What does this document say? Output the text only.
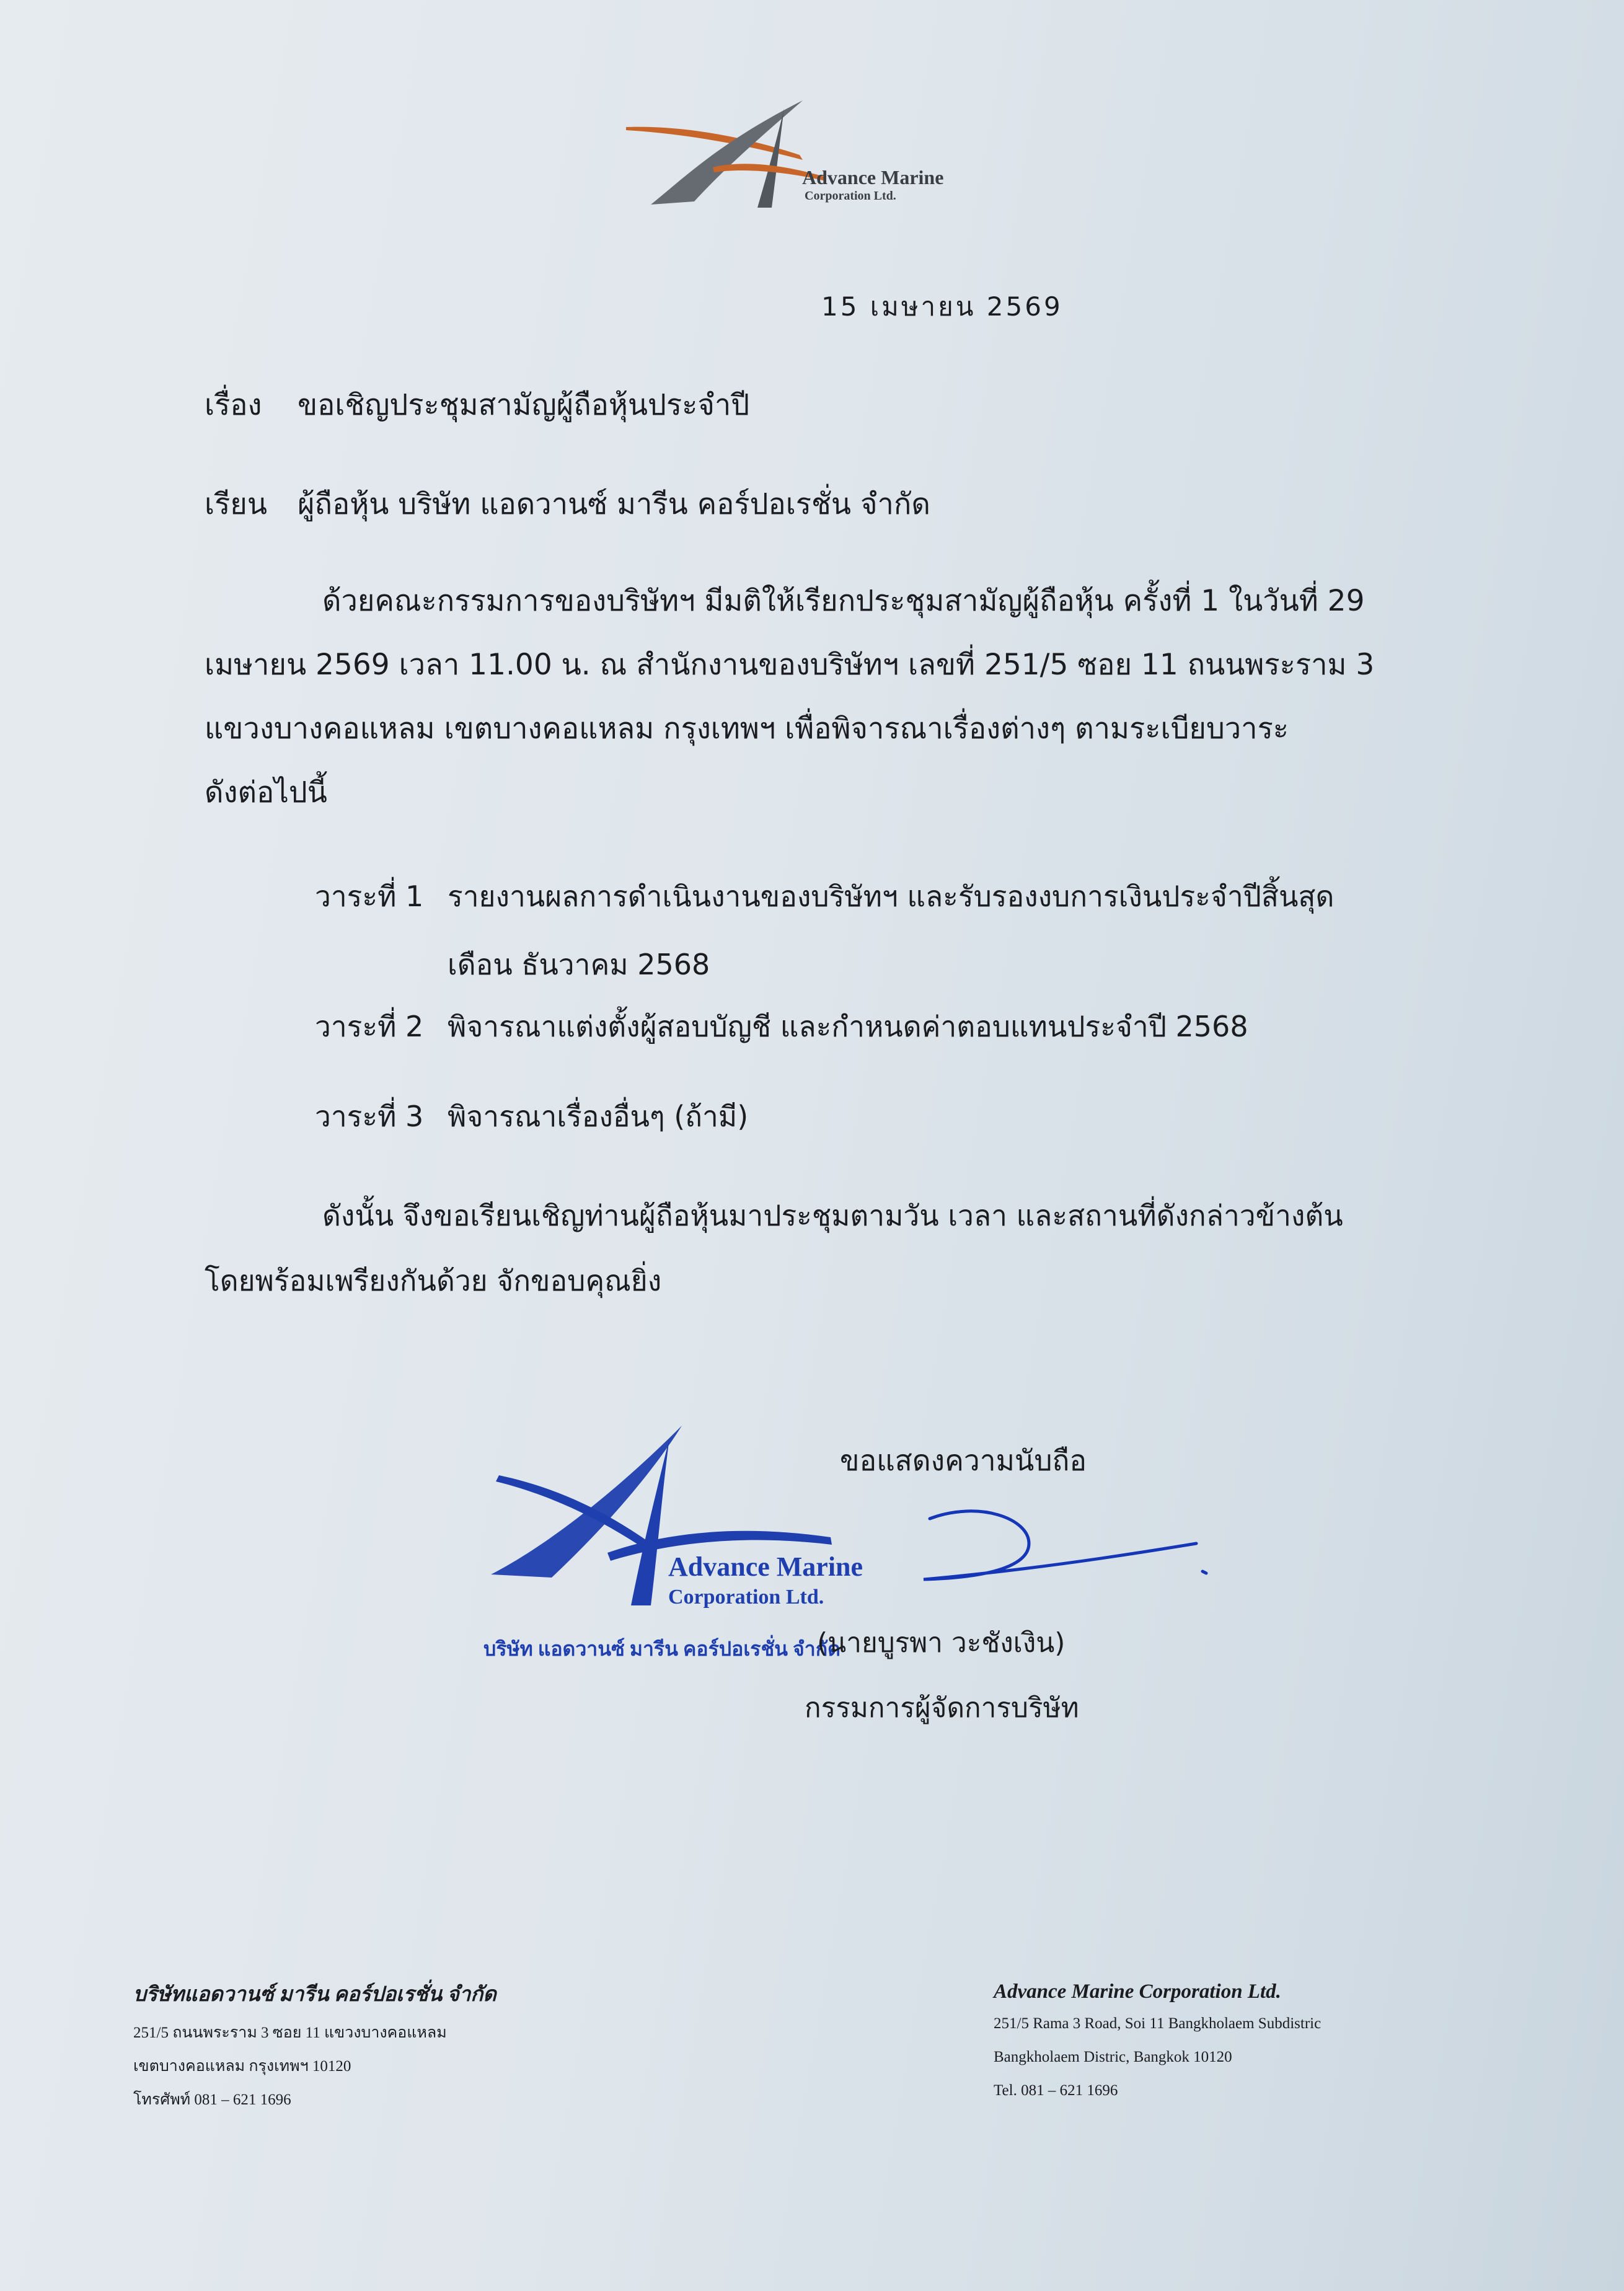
Advance Marine
Corporation Ltd.
15 เมษายน 2569
เรื่อง ขอเชิญประชุมสามัญผู้ถือหุ้นประจำปี
เรียน ผู้ถือหุ้น บริษัท แอดวานซ์ มารีน คอร์ปอเรชั่น จำกัด
ด้วยคณะกรรมการของบริษัทฯ มีมติให้เรียกประชุมสามัญผู้ถือหุ้น ครั้งที่ 1 ในวันที่ 29
เมษายน 2569 เวลา 11.00 น. ณ สำนักงานของบริษัทฯ เลขที่ 251/5 ซอย 11 ถนนพระราม 3
แขวงบางคอแหลม เขตบางคอแหลม กรุงเทพฯ เพื่อพิจารณาเรื่องต่างๆ ตามระเบียบวาระ
ดังต่อไปนี้
วาระที่ 1 รายงานผลการดำเนินงานของบริษัทฯ และรับรองงบการเงินประจำปีสิ้นสุด
เดือน ธันวาคม 2568
วาระที่ 2 พิจารณาแต่งตั้งผู้สอบบัญชี และกำหนดค่าตอบแทนประจำปี 2568
วาระที่ 3 พิจารณาเรื่องอื่นๆ (ถ้ามี)
ดังนั้น จึงขอเรียนเชิญท่านผู้ถือหุ้นมาประชุมตามวัน เวลา และสถานที่ดังกล่าวข้างต้น
โดยพร้อมเพรียงกันด้วย จักขอบคุณยิ่ง
ขอแสดงความนับถือ
Advance Marine
Corporation Ltd.
บริษัท แอดวานซ์ มารีน คอร์ปอเรชั่น จำกัด
(นายบูรพา วะชังเงิน)
กรรมการผู้จัดการบริษัท
บริษัทแอดวานซ์ มารีน คอร์ปอเรชั่น จำกัด
251/5 ถนนพระราม 3 ซอย 11 แขวงบางคอแหลม
เขตบางคอแหลม กรุงเทพฯ 10120
โทรศัพท์ 081 – 621 1696
Advance Marine Corporation Ltd.
251/5 Rama 3 Road, Soi 11 Bangkholaem Subdistric
Bangkholaem Distric, Bangkok 10120
Tel. 081 – 621 1696
